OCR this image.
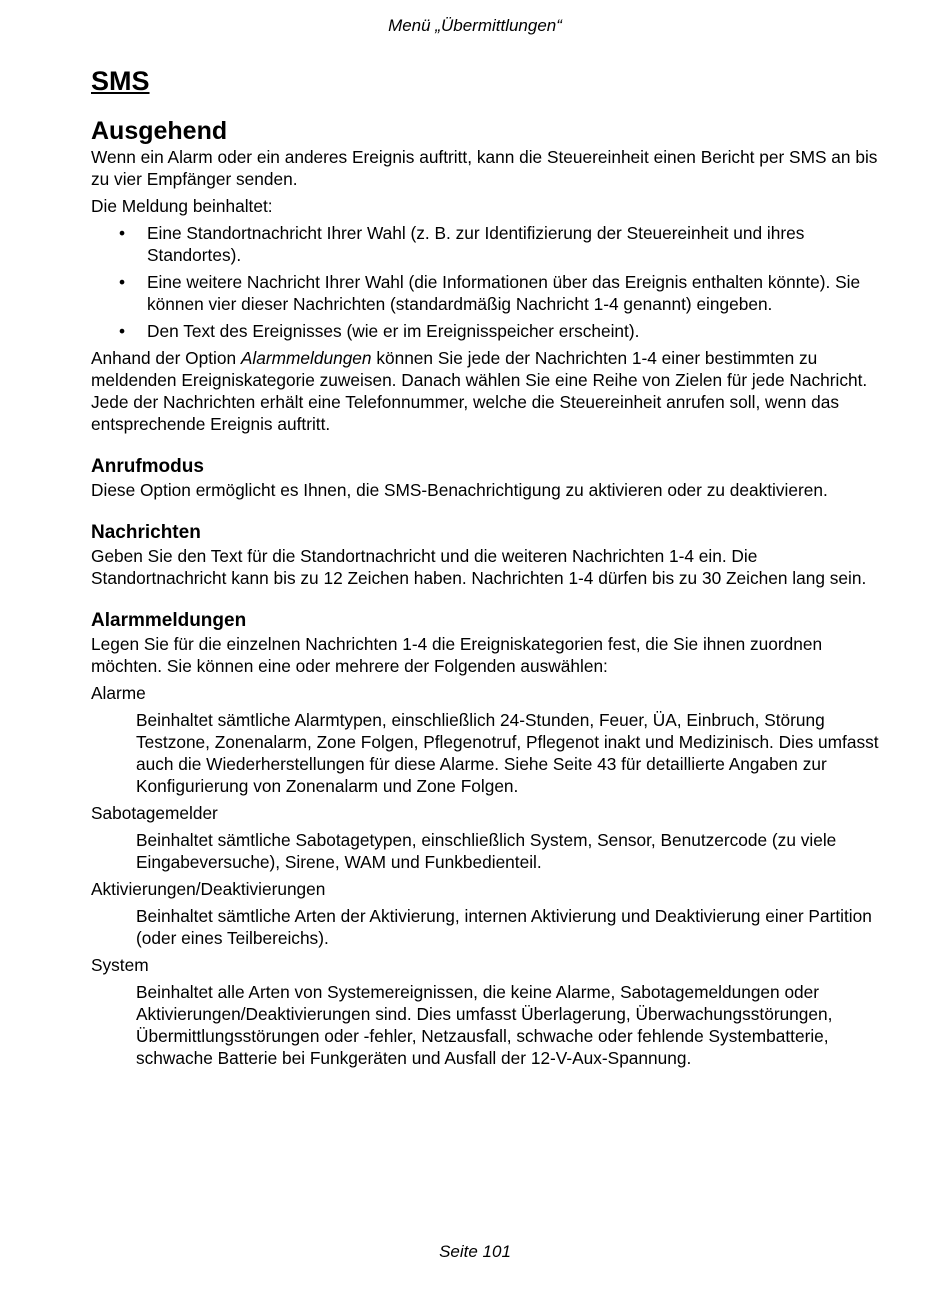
Menü „Übermittlungen“
SMS
Ausgehend

Wenn ein Alarm oder ein anderes Ereignis auftritt, kann die Steuereinheit einen Bericht per SMS an bis zu vier Empfänger senden.

Die Meldung beinhaltet:

• Eine Standortnachricht Ihrer Wahl (z. B. zur Identifizierung der Steuereinheit und ihres Standortes).
• Eine weitere Nachricht Ihrer Wahl (die Informationen über das Ereignis enthalten könnte). Sie können vier dieser Nachrichten (standardmäßig Nachricht 1-4 genannt) eingeben.
• Den Text des Ereignisses (wie er im Ereignisspeicher erscheint).

Anhand der Option Alarmmeldungen können Sie jede der Nachrichten 1-4 einer bestimmten zu meldenden Ereigniskategorie zuweisen. Danach wählen Sie eine Reihe von Zielen für jede Nachricht. Jede der Nachrichten erhält eine Telefonnummer, welche die Steuereinheit anrufen soll, wenn das entsprechende Ereignis auftritt.

Anrufmodus

Diese Option ermöglicht es Ihnen, die SMS-Benachrichtigung zu aktivieren oder zu deaktivieren.

Nachrichten

Geben Sie den Text für die Standortnachricht und die weiteren Nachrichten 1-4 ein. Die Standortnachricht kann bis zu 12 Zeichen haben. Nachrichten 1-4 dürfen bis zu 30 Zeichen lang sein.

Alarmmeldungen

Legen Sie für die einzelnen Nachrichten 1-4 die Ereigniskategorien fest, die Sie ihnen zuordnen möchten. Sie können eine oder mehrere der Folgenden auswählen:

Alarme
Beinhaltet sämtliche Alarmtypen, einschließlich 24-Stunden, Feuer, ÜA, Einbruch, Störung Testzone, Zonenalarm, Zone Folgen, Pflegenotruf, Pflegenot inakt und Medizinisch. Dies umfasst auch die Wiederherstellungen für diese Alarme. Siehe Seite 43 für detaillierte Angaben zur Konfigurierung von Zonenalarm und Zone Folgen.
Sabotagemelder
Beinhaltet sämtliche Sabotagetypen, einschließlich System, Sensor, Benutzercode (zu viele Eingabeversuche), Sirene, WAM und Funkbedienteil.
Aktivierungen/Deaktivierungen
Beinhaltet sämtliche Arten der Aktivierung, internen Aktivierung und Deaktivierung einer Partition (oder eines Teilbereichs).
System
Beinhaltet alle Arten von Systemereignissen, die keine Alarme, Sabotagemeldungen oder Aktivierungen/Deaktivierungen sind. Dies umfasst Überlagerung, Überwachungsstörungen, Übermittlungsstörungen oder -fehler, Netzausfall, schwache oder fehlende Systembatterie, schwache Batterie bei Funkgeräten und Ausfall der 12-V-Aux-Spannung.
Seite 101
